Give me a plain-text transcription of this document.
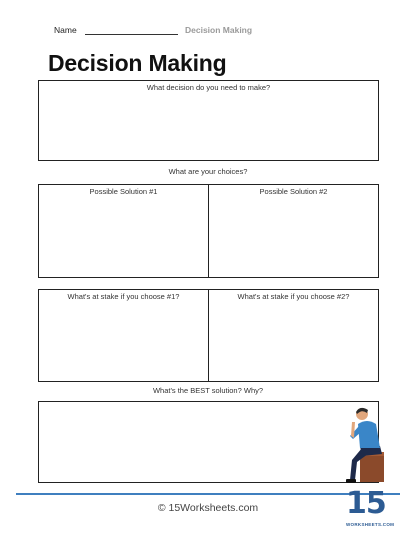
Name	Decision Making
Decision Making
What decision do you need to make?
What are your choices?
Possible Solution #1	Possible Solution #2
What's at stake if you choose #1?	What's at stake if you choose #2?
What's the BEST solution? Why?
© 15Worksheets.com	15
WORKSHEETS.COM
